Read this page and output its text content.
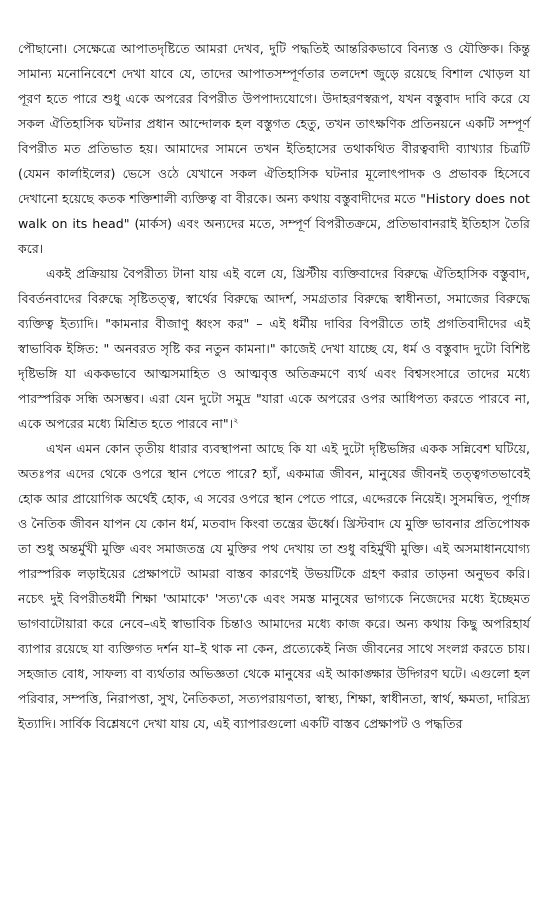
পৌছানো। সেক্ষেত্রে আপাতদৃষ্টিতে আমরা দেখব, দুটি পদ্ধতিই আন্তরিকভাবে বিন্যস্ত ও যৌক্তিক। কিন্তু সামান্য মনোনিবেশে দেখা যাবে যে, তাদের আপাতসম্পূর্ণতার তলদেশ জুড়ে রয়েছে বিশাল খোড়ল যা পূরণ হতে পারে শুধু একে অপরের বিপরীত উপপাদ্যযোগে। উদাহরণস্বরূপ, যখন বস্তুবাদ দাবি করে যে সকল ঐতিহাসিক ঘটনার প্রধান আন্দোলক হল বস্তুগত হেতু, তখন তাৎক্ষণিক প্রতিনয়নে একটি সম্পূর্ণ বিপরীত মত প্রতিভাত হয়। আমাদের সামনে তখন ইতিহাসের তথাকথিত বীরত্ববাদী ব্যাখ্যার চিত্রটি (যেমন কার্লাইলের) ভেসে ওঠে যেখানে সকল ঐতিহাসিক ঘটনার মূলোৎপাদক ও প্রভাবক হিসেবে দেখানো হয়েছে কতক শক্তিশালী ব্যক্তিত্ব বা বীরকে। অন্য কথায় বস্তুবাদীদের মতে "History does not walk on its head" (মার্কস) এবং অন্যদের মতে, সম্পূর্ণ বিপরীতক্রমে, প্রতিভাবানরাই ইতিহাস তৈরি করে।

একই প্রক্রিয়ায় বৈপরীত্য টানা যায় এই বলে যে, খ্রিস্টীয় ব্যক্তিবাদের বিরুদ্ধে ঐতিহাসিক বস্তুবাদ, বিবর্তনবাদের বিরুদ্ধে সৃষ্টিতত্ত্ব, স্বার্থের বিরুদ্ধে আদর্শ, সমগ্রতার বিরুদ্ধে স্বাধীনতা, সমাজের বিরুদ্ধে ব্যক্তিত্ব ইত্যাদি। "কামনার বীজাণু ধ্বংস কর" – এই ধর্মীয় দাবির বিপরীতে তাই প্রগতিবাদীদের এই স্বাভাবিক ইঙ্গিত: " অনবরত সৃষ্টি কর নতুন কামনা।" কাজেই দেখা যাচ্ছে যে, ধর্ম ও বস্তুবাদ দুটো বিশিষ্ট দৃষ্টিভঙ্গি যা এককভাবে আত্মসমাহিত ও আত্মবৃত্ত অতিক্রমণে ব্যর্থ এবং বিশ্বসংসারে তাদের মধ্যে পারস্পরিক সন্ধি অসম্ভব। এরা যেন দুটো সমুদ্র "যারা একে অপরের ওপর আধিপত্য করতে পারবে না, একে অপরের মধ্যে মিশ্রিত হতে পারবে না"।$^২$

এখন এমন কোন তৃতীয় ধারার ব্যবস্থাপনা আছে কি যা এই দুটো দৃষ্টিভঙ্গির একক সন্নিবেশ ঘটিয়ে, অতঃপর এদের থেকে ওপরে স্থান পেতে পারে? হ্যাঁ, একমাত্র জীবন, মানুষের জীবনই তত্ত্বগতভাবেই হোক আর প্রায়োগিক অর্থেই হোক, এ সবের ওপরে স্থান পেতে পারে, এদ্দেরকে নিয়েই। সুসমন্বিত, পূর্ণাঙ্গ ও নৈতিক জীবন যাপন যে কোন ধর্ম, মতবাদ কিংবা তন্ত্রের ঊর্ধ্বে। খ্রিস্টবাদ যে মুক্তি ভাবনার প্রতিপোষক তা শুধু অন্তর্মুখী মুক্তি এবং সমাজতন্ত্র যে মুক্তির পথ দেখায় তা শুধু বহির্মুখী মুক্তি। এই অসমাধানযোগ্য পারস্পরিক লড়াইয়ের প্রেক্ষাপটে আমরা বাস্তব কারণেই উভয়টিকে গ্রহণ করার তাড়না অনুভব করি। নচেৎ দুই বিপরীতধর্মী শিক্ষা 'আমাকে' 'সত্য'কে এবং সমস্ত মানুষের ভাগ্যকে নিজেদের মধ্যে ইচ্ছেমত ভাগবাটোয়ারা করে নেবে–এই স্বাভাবিক চিন্তাও আমাদের মধ্যে কাজ করে। অন্য কথায় কিছু অপরিহার্য ব্যাপার রয়েছে যা ব্যক্তিগত দর্শন যা–ই থাক না কেন, প্রত্যেকেই নিজ জীবনের সাথে সংলগ্ন করতে চায়। সহজাত বোধ, সাফল্য বা ব্যর্থতার অভিজ্ঞতা থেকে মানুষের এই আকাঙ্ক্ষার উদ্গিরণ ঘটে। এগুলো হল পরিবার, সম্পত্তি, নিরাপত্তা, সুখ, নৈতিকতা, সত্যপরায়ণতা, স্বাস্থ্য, শিক্ষা, স্বাধীনতা, স্বার্থ, ক্ষমতা, দারিদ্র্য ইত্যাদি। সার্বিক বিশ্লেষণে দেখা যায় যে, এই ব্যাপারগুলো একটি বাস্তব প্রেক্ষাপট ও পদ্ধতির
